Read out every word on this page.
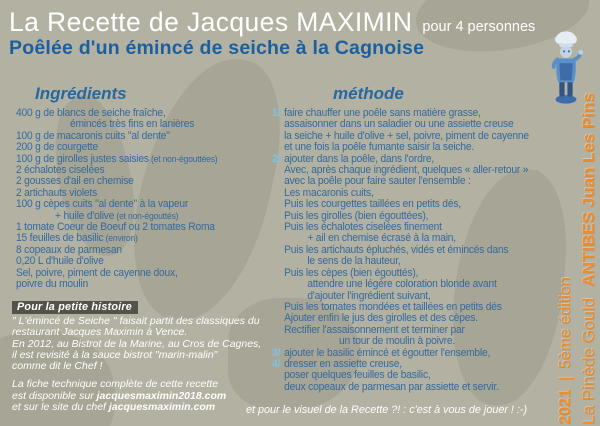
La Recette de Jacques MAXIMIN pour 4 personnes
Poêlée d'un émincé de seiche à la Cagnoise
Ingrédients	méthode
400 g de blancs de seiche fraîche,
émincés très fins en lanières
100 g de macaronis cuits "al dente"
200 g de courgette
100 g de girolles justes saisies (et non-égouttées)
2 échalotes ciselées
2 gousses d'ail en chemise
2 artichauts violets
100 g cèpes cuits "al dente" à la vapeur
+ huile d'olive (et non-égouttés)
1 tomate Coeur de Boeuf ou 2 tomates Roma
15 feuilles de basilic (environ)
8 copeaux de parmesan
0,20 L d'huile d'olive
Sel, poivre, piment de cayenne doux,
poivre du moulin
1/ faire chauffer une poêle sans matière grasse,
assaisonner dans un saladier ou une assiette creuse
la seiche + huile d'olive + sel, poivre, piment de cayenne
et une fois la poêle fumante saisir la seiche.
2/ ajouter dans la poêle, dans l'ordre,
Avec, après chaque ingrédient, quelques « aller-retour »
avec la poêle pour faire sauter l'ensemble :
Les macaronis cuits,
Puis les courgettes taillées en petits dés,
Puis les girolles (bien égouttées),
Puis les échalotes ciselées finement
+ ail en chemise écrasé à la main,
Puis les artichauts épluchés, vidés et émincés dans
le sens de la hauteur,
Puis les cèpes (bien égouttés),
attendre une légère coloration blonde avant
d'ajouter l'ingrédient suivant,
Puis les tomates mondées et taillées en petits dés
Ajouter enfin le jus des girolles et des cèpes.
Rectifier l'assaisonnement et terminer par
un tour de moulin à poivre.
3/ ajouter le basilic émincé et égoutter l'ensemble,
4/ dresser en assiette creuse,
poser quelques feuilles de basilic,
deux copeaux de parmesan par assiette et servir.
Pour la petite histoire
" L'émincé de Seiche " faisait partit des classiques du
restaurant Jacques Maximin à Vence.
En 2012, au Bistrot de la Marine, au Cros de Cagnes,
il est revisité à la sauce bistrot "marin-malin"
comme dit le Chef !
La fiche technique complète de cette recette
est disponible sur jacquesmaximin2018.com
et sur le site du chef jacquesmaximin.com	et pour le visuel de la Recette ?! : c'est à vous de jouer ! :-)	La Pinède GouldANTIBES Juan Les Pins
2021|5ème édition
